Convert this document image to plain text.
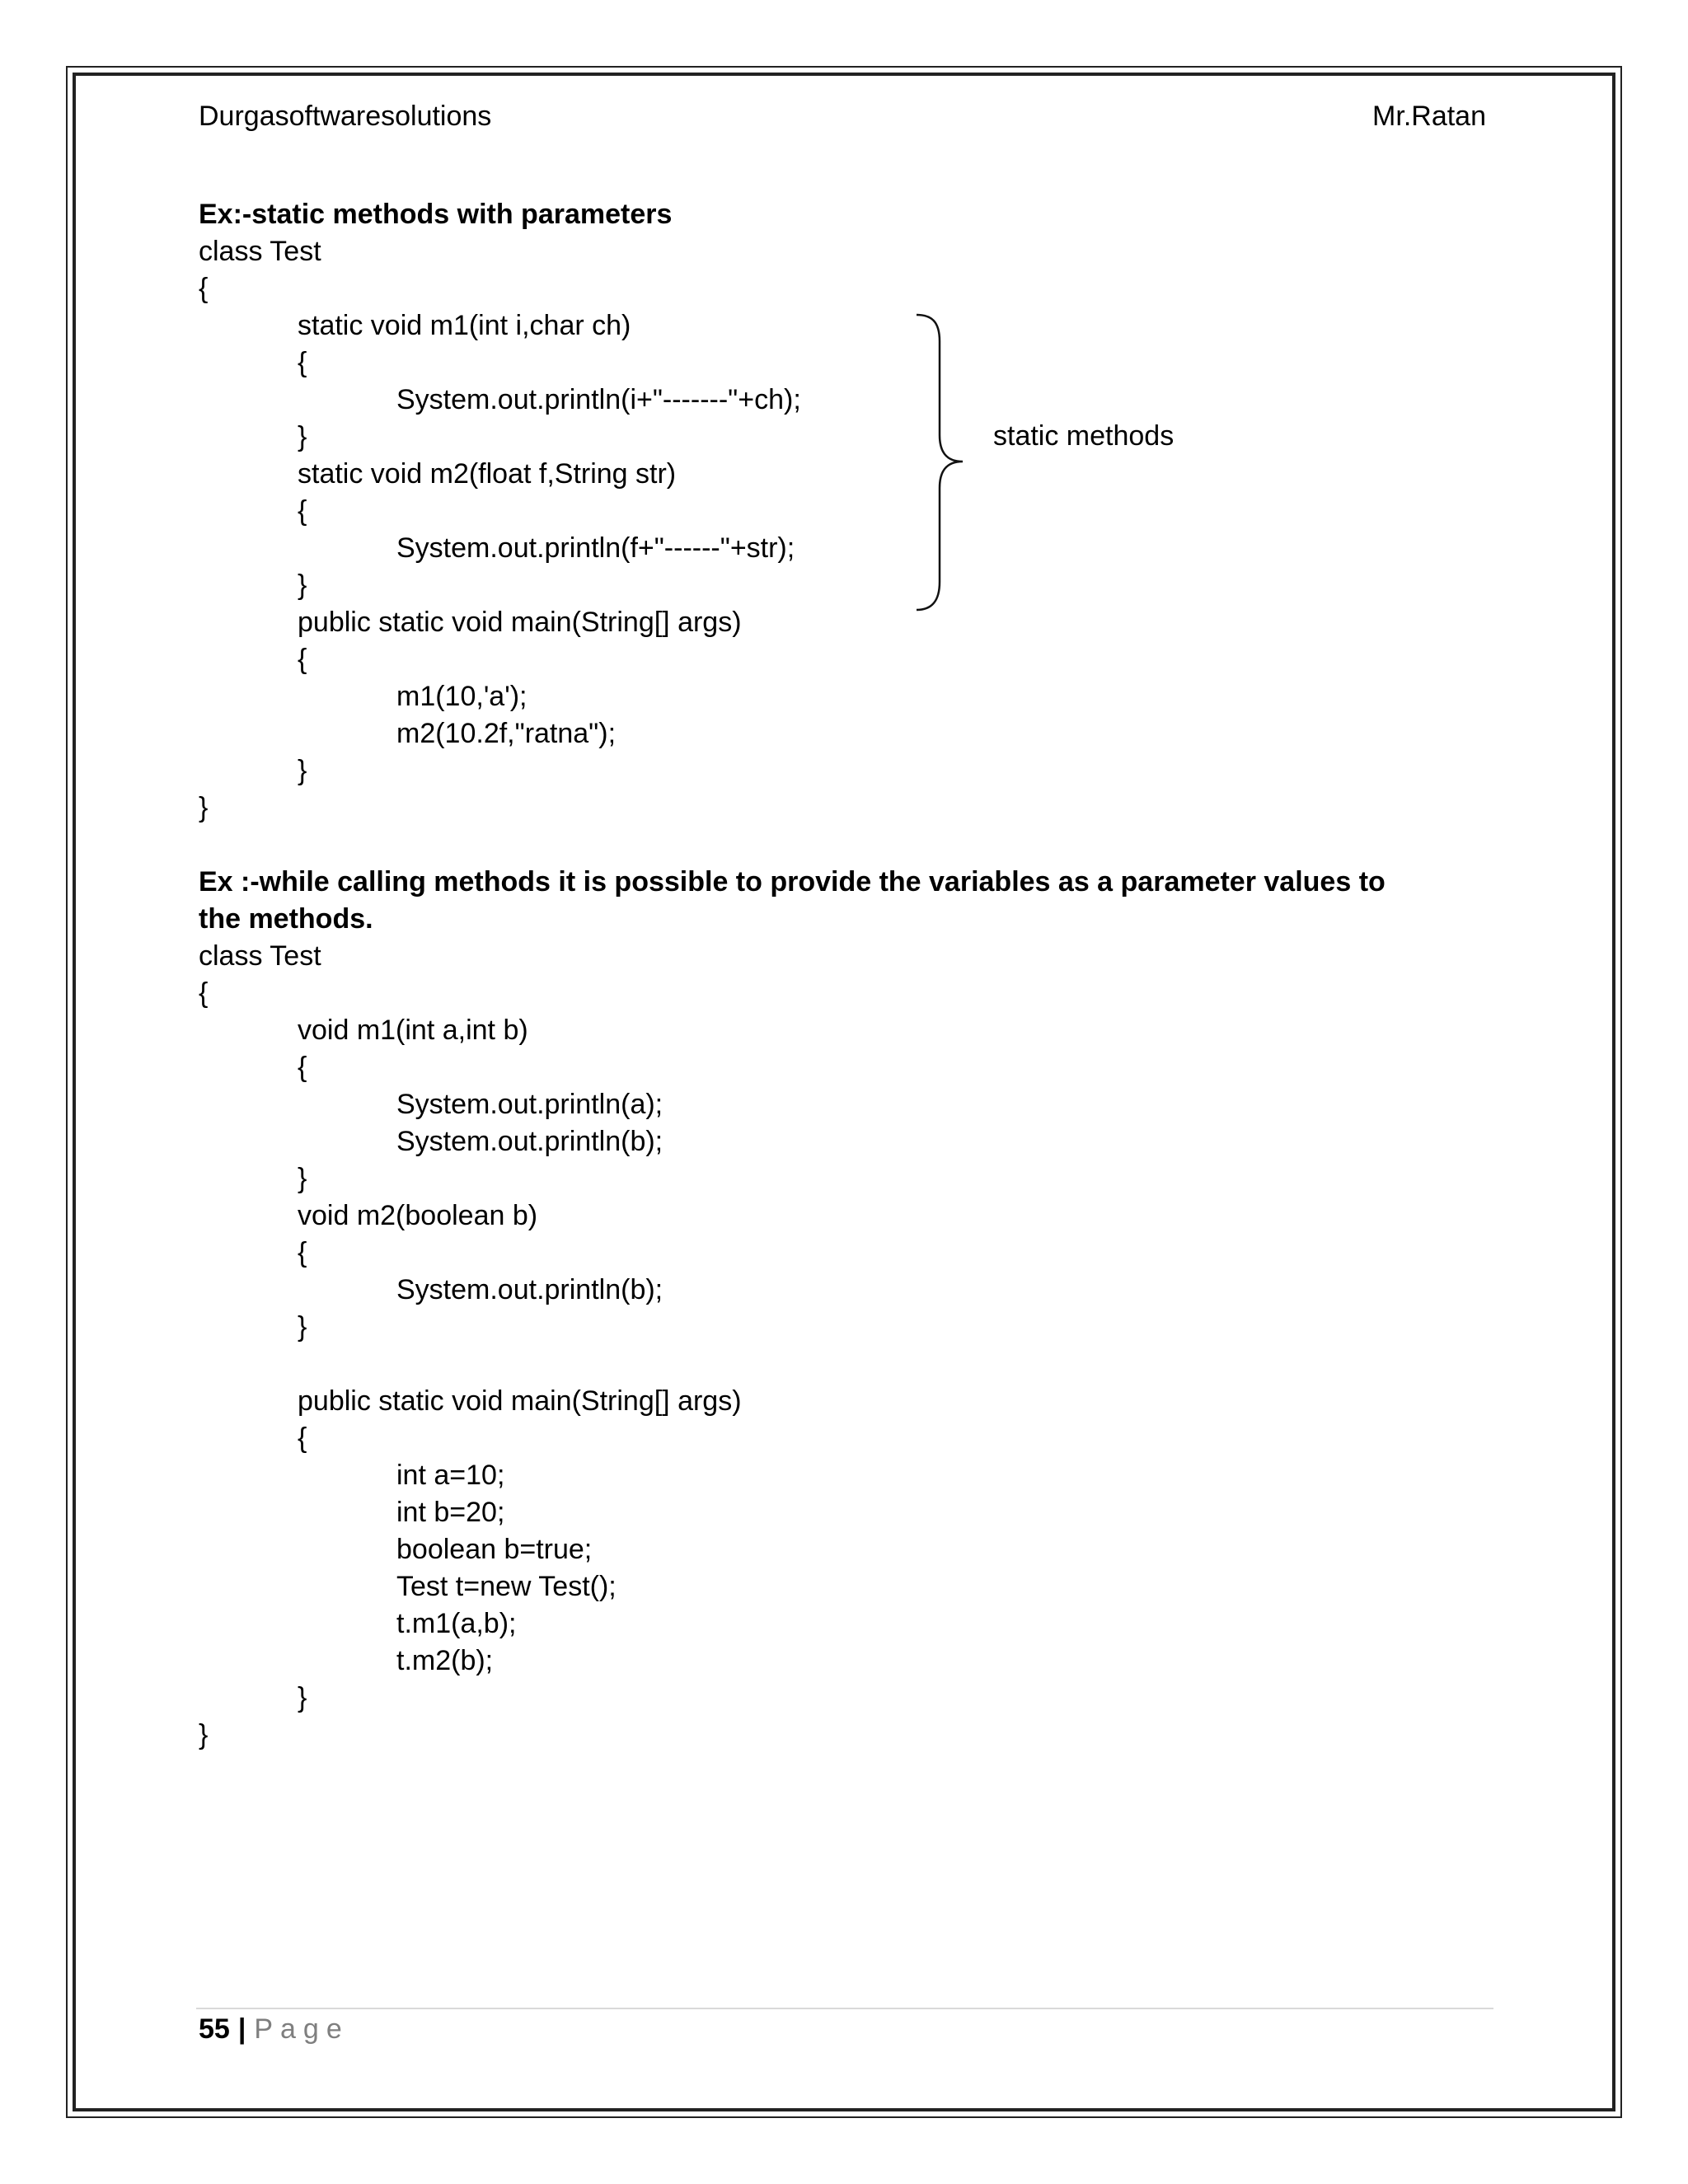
Durgasoftwaresolutions	Mr.Ratan
Ex:-static methods with parameters
class Test
{
static void m1(int i,char ch)
{
System.out.println(i+"-------"+ch);
}
static void m2(float f,String str)
{
System.out.println(f+"------"+str);
}
public static void main(String[] args)
{
m1(10,'a');
m2(10.2f,"ratna");
}
}
Ex :-while calling methods it is possible to provide the variables as a parameter values to the methods.
class Test
{
void m1(int a,int b)
{
System.out.println(a);
System.out.println(b);
}
void m2(boolean b)
{
System.out.println(b);
}
public static void main(String[] args)
{
int a=10;
int b=20;
boolean b=true;
Test t=new Test();
t.m1(a,b);
t.m2(b);
}
}
static methods
55 | Page
